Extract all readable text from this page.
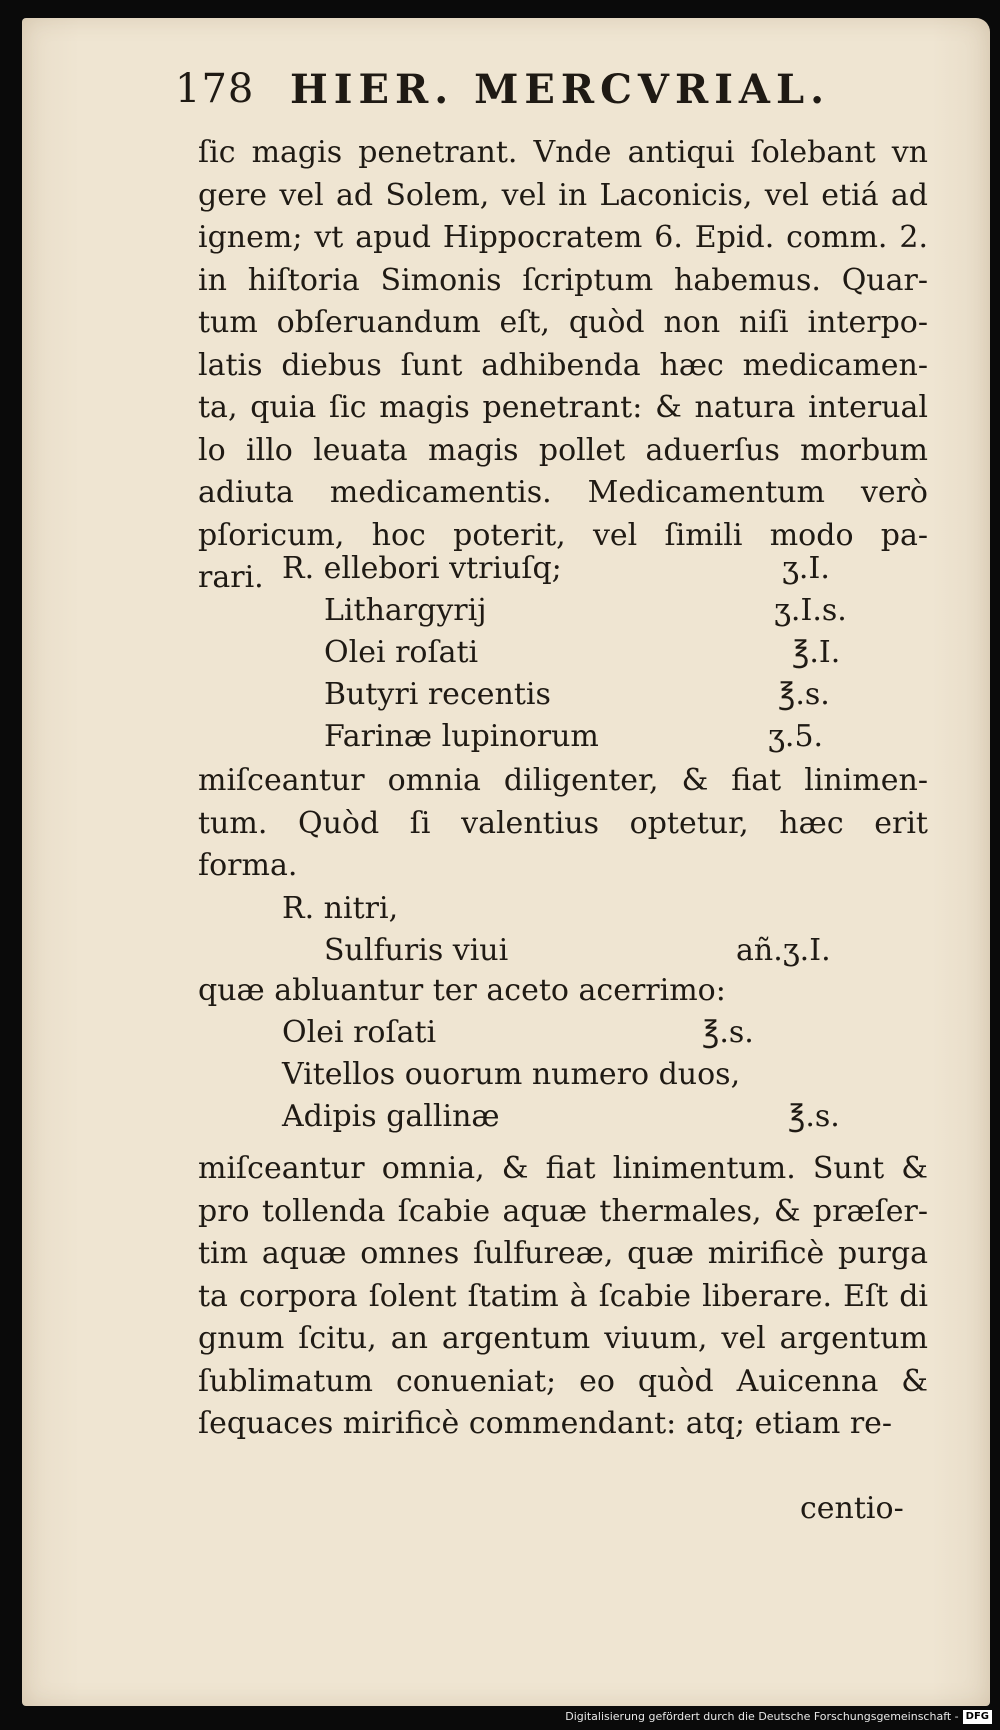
178 HIER. MERCVRIAL.
ſic magis penetrant. Vnde antiqui ſolebant vn
gere vel ad Solem, vel in Laconicis, vel etiá ad
ignem; vt apud Hippocratem 6. Epid. comm. 2.
in hiſtoria Simonis ſcriptum habemus. Quar-
tum obſeruandum eſt, quòd non niſi interpo-
latis diebus ſunt adhibenda hæc medicamen-
ta, quia ſic magis penetrant: & natura interual
lo illo leuata magis pollet aduerſus morbum
adiuta medicamentis. Medicamentum verò
pſoricum, hoc poterit, vel ſimili modo pa-
rari. R. ellebori vtriuſq;	ʒ.I.
Lithargyrij	ʒ.I.s.
Olei roſati	℥.I.
Butyri recentis	℥.s.
Farinæ lupinorum	ʒ.5.
miſceantur omnia diligenter, & fiat linimen-
tum. Quòd ſi valentius optetur, hæc erit
forma.
R. nitri,
Sulfuris viui	añ.ʒ.I.
quæ abluantur ter aceto acerrimo:
Olei roſati	℥.s.
Vitellos ouorum numero duos,
Adipis gallinæ	℥.s.
miſceantur omnia, & fiat linimentum. Sunt &
pro tollenda ſcabie aquæ thermales, & præſer-
tim aquæ omnes ſulfureæ, quæ mirificè purga
ta corpora ſolent ſtatim à ſcabie liberare. Eſt di
gnum ſcitu, an argentum viuum, vel argentum
ſublimatum conueniat; eo quòd Auicenna &
ſequaces mirificè commendant: atq; etiam re-
centio-
Digitalisierung gefördert durch die Deutsche Forschungsgemeinschaft - DFG
